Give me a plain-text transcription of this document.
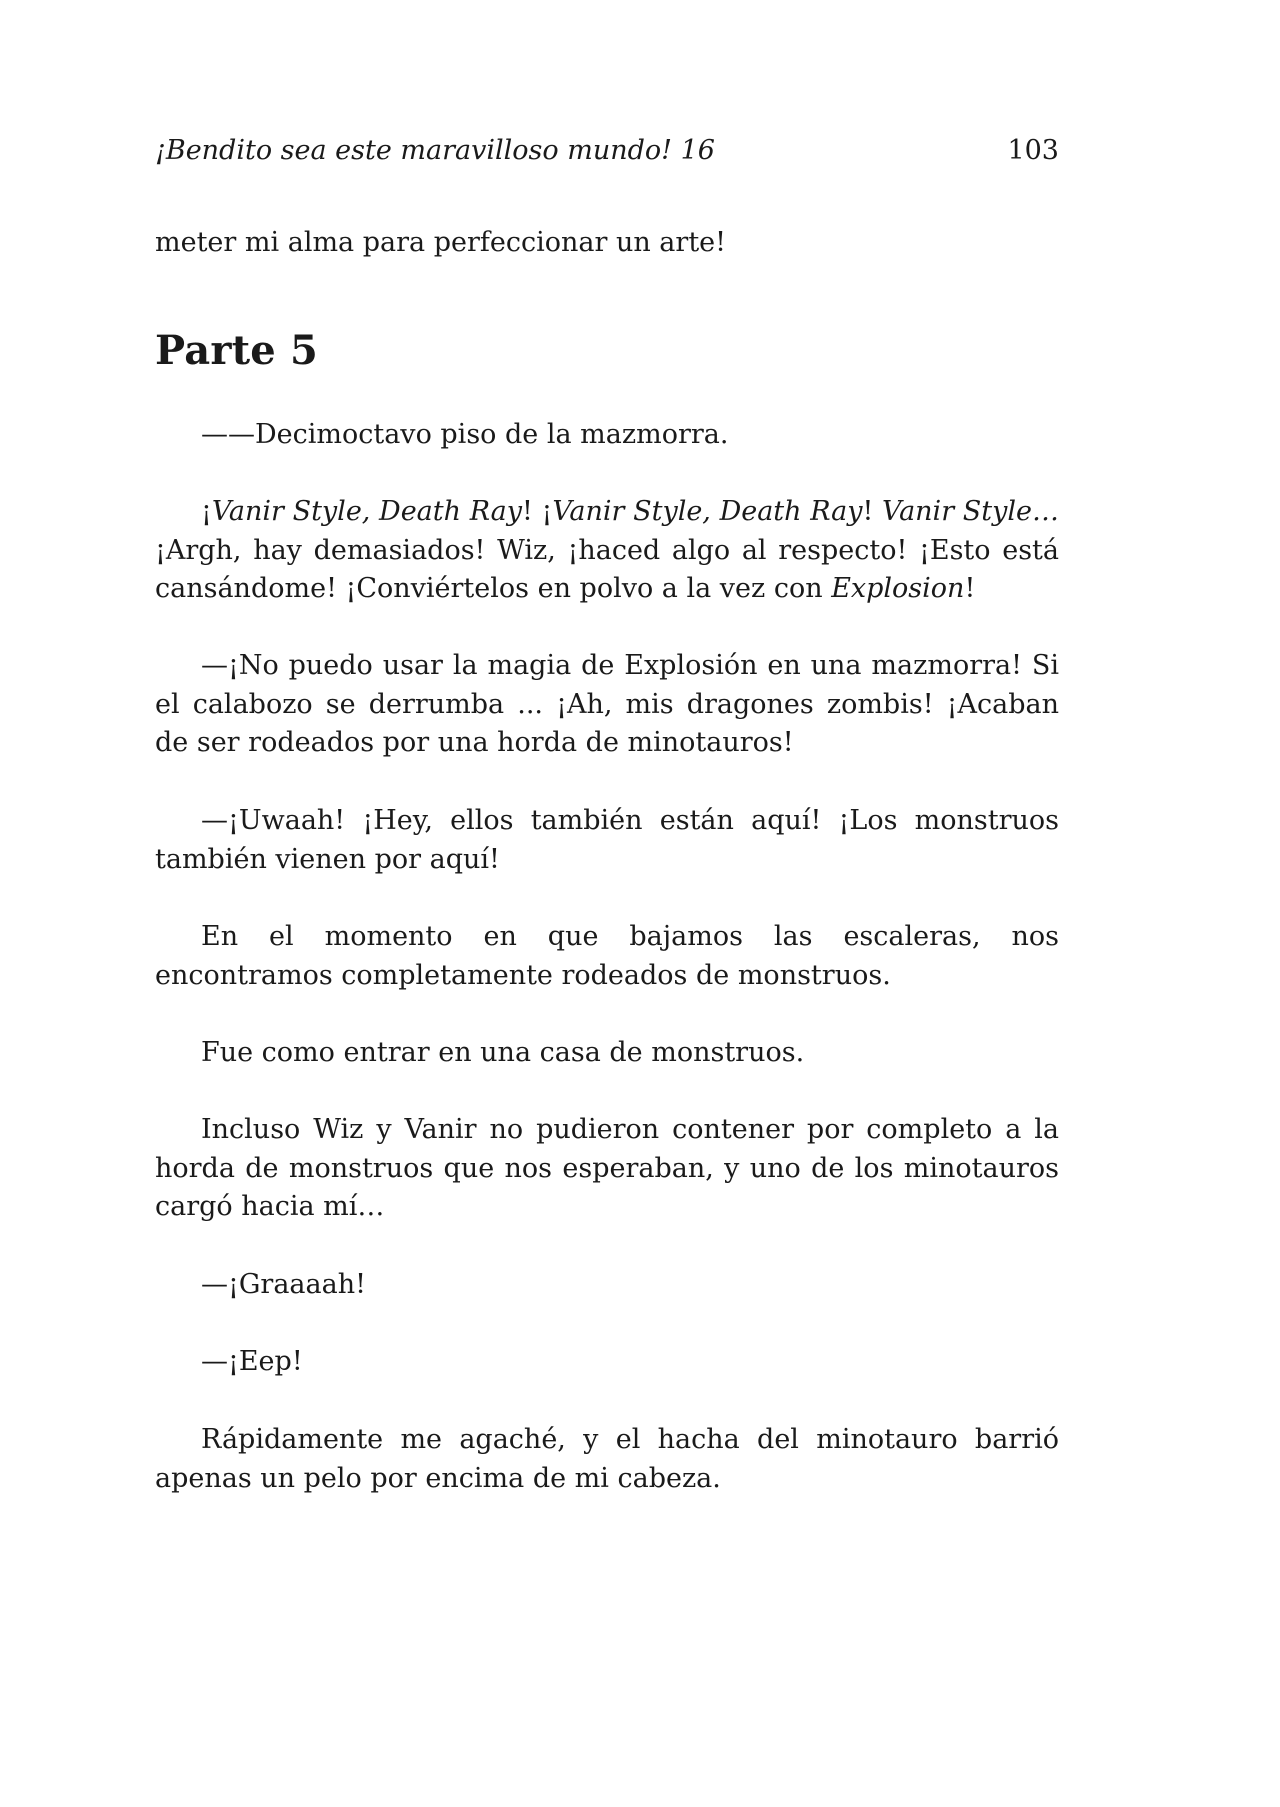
¡Bendito sea este maravilloso mundo! 16	103

meter mi alma para perfeccionar un arte!

Parte 5

——Decimoctavo piso de la mazmorra.

¡Vanir Style, Death Ray! ¡Vanir Style, Death Ray! Vanir Style… ¡Argh, hay demasiados! Wiz, ¡haced algo al respecto! ¡Esto está cansándome! ¡Conviértelos en polvo a la vez con Explosion!

—¡No puedo usar la magia de Explosión en una mazmorra! Si el calabozo se derrumba ... ¡Ah, mis dragones zombis! ¡Acaban de ser rodeados por una horda de minotauros!

—¡Uwaah! ¡Hey, ellos también están aquí! ¡Los monstruos también vienen por aquí!

En el momento en que bajamos las escaleras, nos encontramos completamente rodeados de monstruos.

Fue como entrar en una casa de monstruos.

Incluso Wiz y Vanir no pudieron contener por completo a la horda de monstruos que nos esperaban, y uno de los minotauros cargó hacia mí…

—¡Graaaah!

—¡Eep!

Rápidamente me agaché, y el hacha del minotauro barrió apenas un pelo por encima de mi cabeza.
